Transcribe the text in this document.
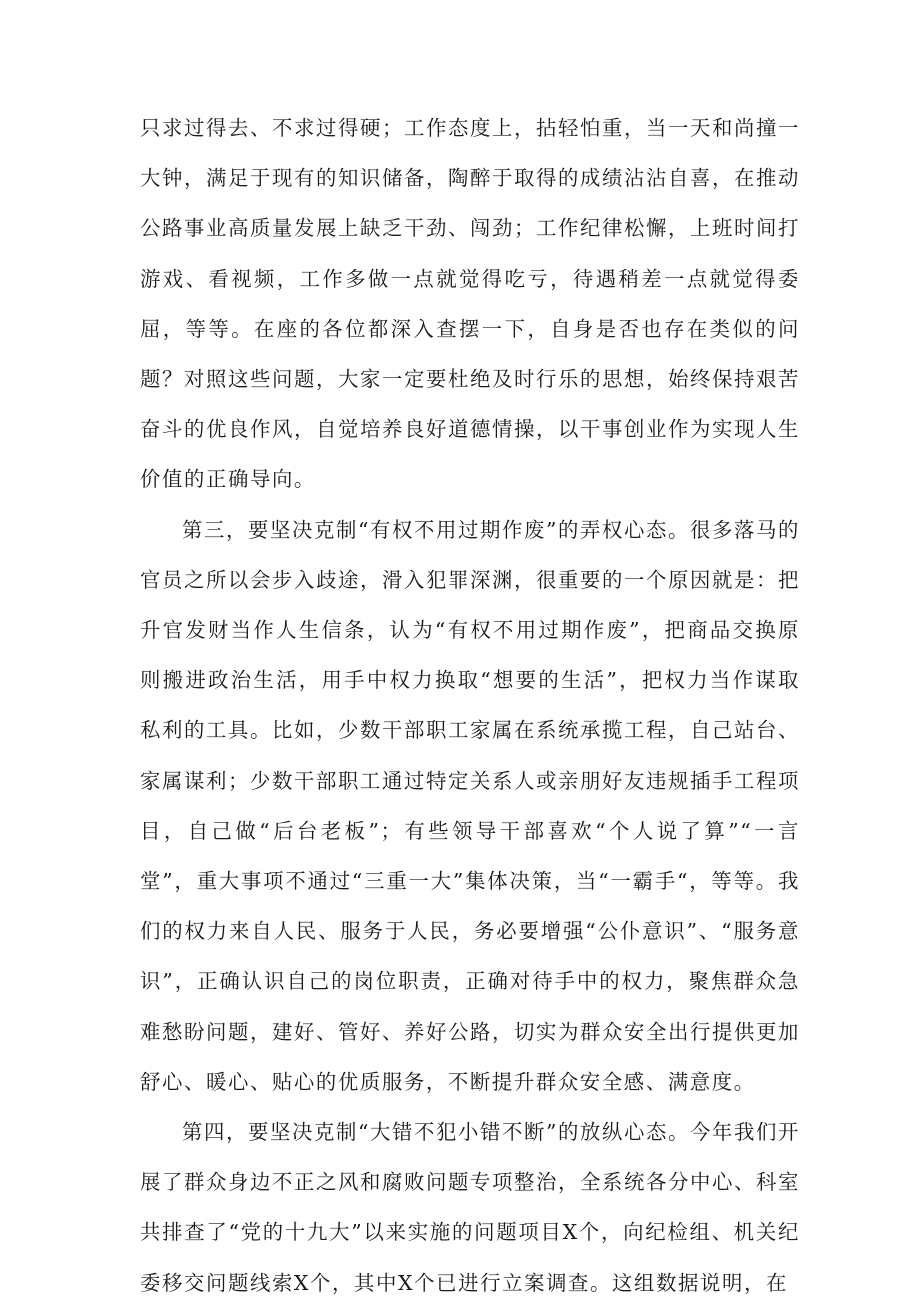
只求过得去、不求过得硬；工作态度上，拈轻怕重，当一天和尚撞一大钟，满足于现有的知识储备，陶醉于取得的成绩沾沾自喜，在推动公路事业高质量发展上缺乏干劲、闯劲；工作纪律松懈，上班时间打游戏、看视频，工作多做一点就觉得吃亏，待遇稍差一点就觉得委屈，等等。在座的各位都深入查摆一下，自身是否也存在类似的问题？对照这些问题，大家一定要杜绝及时行乐的思想，始终保持艰苦奋斗的优良作风，自觉培养良好道德情操，以干事创业作为实现人生价值的正确导向。

第三，要坚决克制“有权不用过期作废”的弄权心态。很多落马的官员之所以会步入歧途，滑入犯罪深渊，很重要的一个原因就是：把升官发财当作人生信条，认为“有权不用过期作废”，把商品交换原则搬进政治生活，用手中权力换取“想要的生活”，把权力当作谋取私利的工具。比如，少数干部职工家属在系统承揽工程，自己站台、家属谋利；少数干部职工通过特定关系人或亲朋好友违规插手工程项目，自己做“后台老板”；有些领导干部喜欢“个人说了算”“一言堂”，重大事项不通过“三重一大”集体决策，当“一霸手“，等等。我们的权力来自人民、服务于人民，务必要增强“公仆意识”、“服务意识”，正确认识自己的岗位职责，正确对待手中的权力，聚焦群众急难愁盼问题，建好、管好、养好公路，切实为群众安全出行提供更加舒心、暖心、贴心的优质服务，不断提升群众安全感、满意度。

第四，要坚决克制“大错不犯小错不断”的放纵心态。今年我们开展了群众身边不正之风和腐败问题专项整治，全系统各分中心、科室共排查了“党的十九大”以来实施的问题项目X个，向纪检组、机关纪委移交问题线索X个，其中X个已进行立案调查。这组数据说明，在
